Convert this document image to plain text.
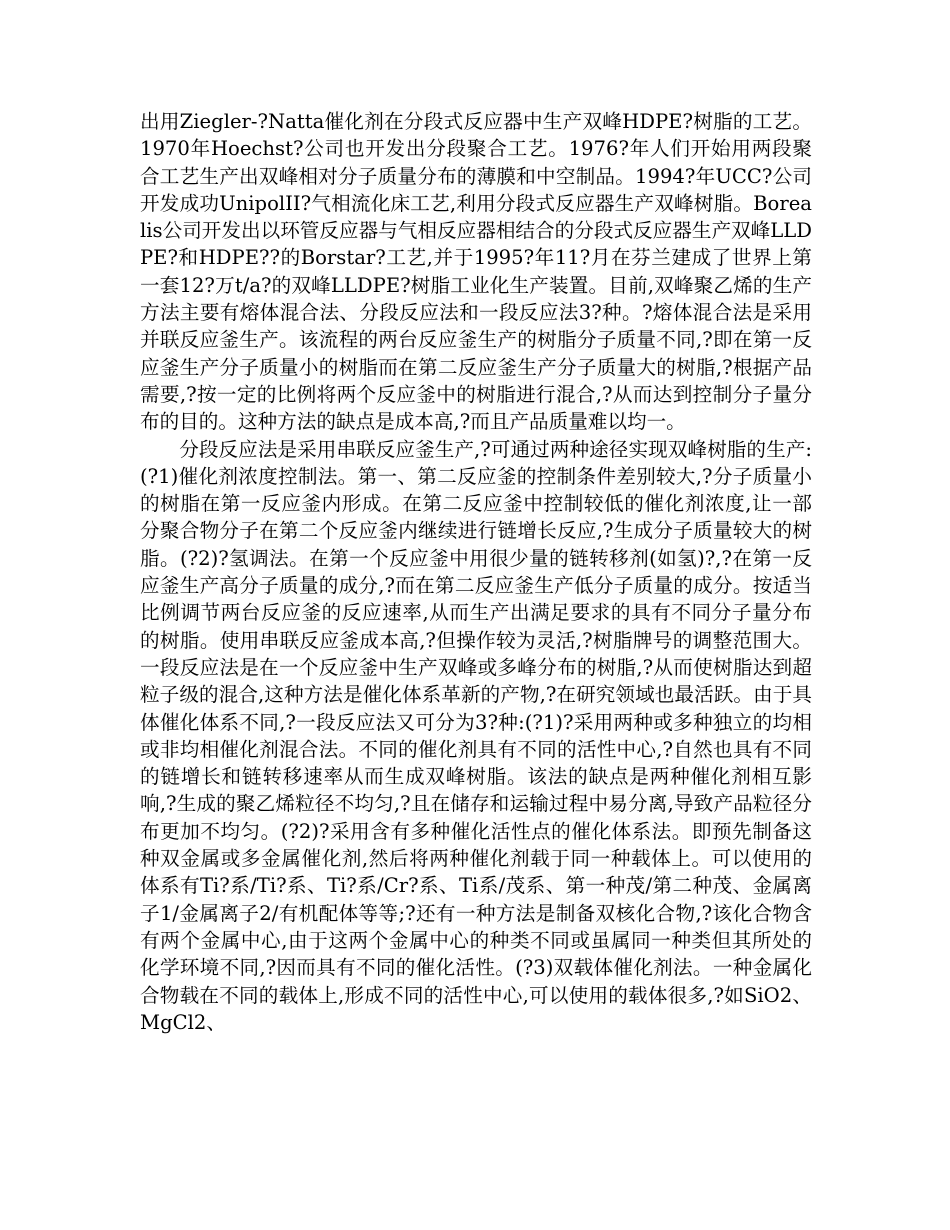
出用Ziegler-?Natta催化剂在分段式反应器中生产双峰HDPE?树脂的工艺。1970年Hoechst?公司也开发出分段聚合工艺。1976?年人们开始用两段聚合工艺生产出双峰相对分子质量分布的薄膜和中空制品。1994?年UCC?公司开发成功UnipolII?气相流化床工艺,利用分段式反应器生产双峰树脂。Borealis公司开发出以环管反应器与气相反应器相结合的分段式反应器生产双峰LLDPE?和HDPE??的Borstar?工艺,并于1995?年11?月在芬兰建成了世界上第一套12?万t/a?的双峰LLDPE?树脂工业化生产装置。目前,双峰聚乙烯的生产方法主要有熔体混合法、分段反应法和一段反应法3?种。?熔体混合法是采用并联反应釜生产。该流程的两台反应釜生产的树脂分子质量不同,?即在第一反应釜生产分子质量小的树脂而在第二反应釜生产分子质量大的树脂,?根据产品需要,?按一定的比例将两个反应釜中的树脂进行混合,?从而达到控制分子量分布的目的。这种方法的缺点是成本高,?而且产品质量难以均一。

分段反应法是采用串联反应釜生产,?可通过两种途径实现双峰树脂的生产:(?1)催化剂浓度控制法。第一、第二反应釜的控制条件差别较大,?分子质量小的树脂在第一反应釜内形成。在第二反应釜中控制较低的催化剂浓度,让一部分聚合物分子在第二个反应釜内继续进行链增长反应,?生成分子质量较大的树脂。(?2)?氢调法。在第一个反应釜中用很少量的链转移剂(如氢)?,?在第一反应釜生产高分子质量的成分,?而在第二反应釜生产低分子质量的成分。按适当比例调节两台反应釜的反应速率,从而生产出满足要求的具有不同分子量分布的树脂。使用串联反应釜成本高,?但操作较为灵活,?树脂牌号的调整范围大。一段反应法是在一个反应釜中生产双峰或多峰分布的树脂,?从而使树脂达到超粒子级的混合,这种方法是催化体系革新的产物,?在研究领域也最活跃。由于具体催化体系不同,?一段反应法又可分为3?种:(?1)?采用两种或多种独立的均相或非均相催化剂混合法。不同的催化剂具有不同的活性中心,?自然也具有不同的链增长和链转移速率从而生成双峰树脂。该法的缺点是两种催化剂相互影响,?生成的聚乙烯粒径不均匀,?且在储存和运输过程中易分离,导致产品粒径分布更加不均匀。(?2)?采用含有多种催化活性点的催化体系法。即预先制备这种双金属或多金属催化剂,然后将两种催化剂载于同一种载体上。可以使用的体系有Ti?系/Ti?系、Ti?系/Cr?系、Ti系/茂系、第一种茂/第二种茂、金属离子1/金属离子2/有机配体等等;?还有一种方法是制备双核化合物,?该化合物含有两个金属中心,由于这两个金属中心的种类不同或虽属同一种类但其所处的化学环境不同,?因而具有不同的催化活性。(?3)双载体催化剂法。一种金属化合物载在不同的载体上,形成不同的活性中心,可以使用的载体很多,?如SiO2、MgCl2、
